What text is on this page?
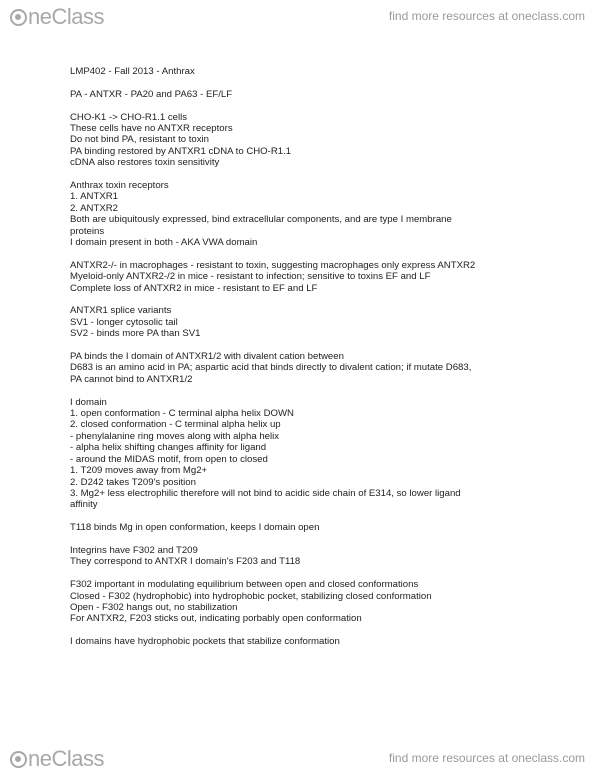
neClass	find more resources at oneclass.com
LMP402 - Fall 2013 - Anthrax
PA - ANTXR - PA20 and PA63 - EF/LF
CHO-K1 -> CHO-R1.1 cells
These cells have no ANTXR receptors
Do not bind PA, resistant to toxin
PA binding restored by ANTXR1 cDNA to CHO-R1.1
cDNA also restores toxin sensitivity
Anthrax toxin receptors
1. ANTXR1
2. ANTXR2
Both are ubiquitously expressed, bind extracellular components, and are type I membrane
proteins
I domain present in both - AKA VWA domain
ANTXR2-/- in macrophages - resistant to toxin, suggesting macrophages only express ANTXR2
Myeloid-only ANTXR2-/2 in mice - resistant to infection; sensitive to toxins EF and LF
Complete loss of ANTXR2 in mice - resistant to EF and LF
ANTXR1 splice variants
SV1 - longer cytosolic tail
SV2 - binds more PA than SV1
PA binds the I domain of ANTXR1/2 with divalent cation between
D683 is an amino acid in PA; aspartic acid that binds directly to divalent cation; if mutate D683,
PA cannot bind to ANTXR1/2
I domain
1. open conformation - C terminal alpha helix DOWN
2. closed conformation - C terminal alpha helix up
- phenylalanine ring moves along with alpha helix
- alpha helix shifting changes affinity for ligand
- around the MIDAS motif, from open to closed
1. T209 moves away from Mg2+
2. D242 takes T209's position
3. Mg2+ less electrophilic therefore will not bind to acidic side chain of E314, so lower ligand
affinity
T118 binds Mg in open conformation, keeps I domain open
Integrins have F302 and T209
They correspond to ANTXR I domain's F203 and T118
F302 important in modulating equilibrium between open and closed conformations
Closed - F302 (hydrophobic) into hydrophobic pocket, stabilizing closed conformation
Open - F302 hangs out, no stabilization
For ANTXR2, F203 sticks out, indicating porbably open conformation
I domains have hydrophobic pockets that stabilize conformation
neClass	find more resources at oneclass.com
